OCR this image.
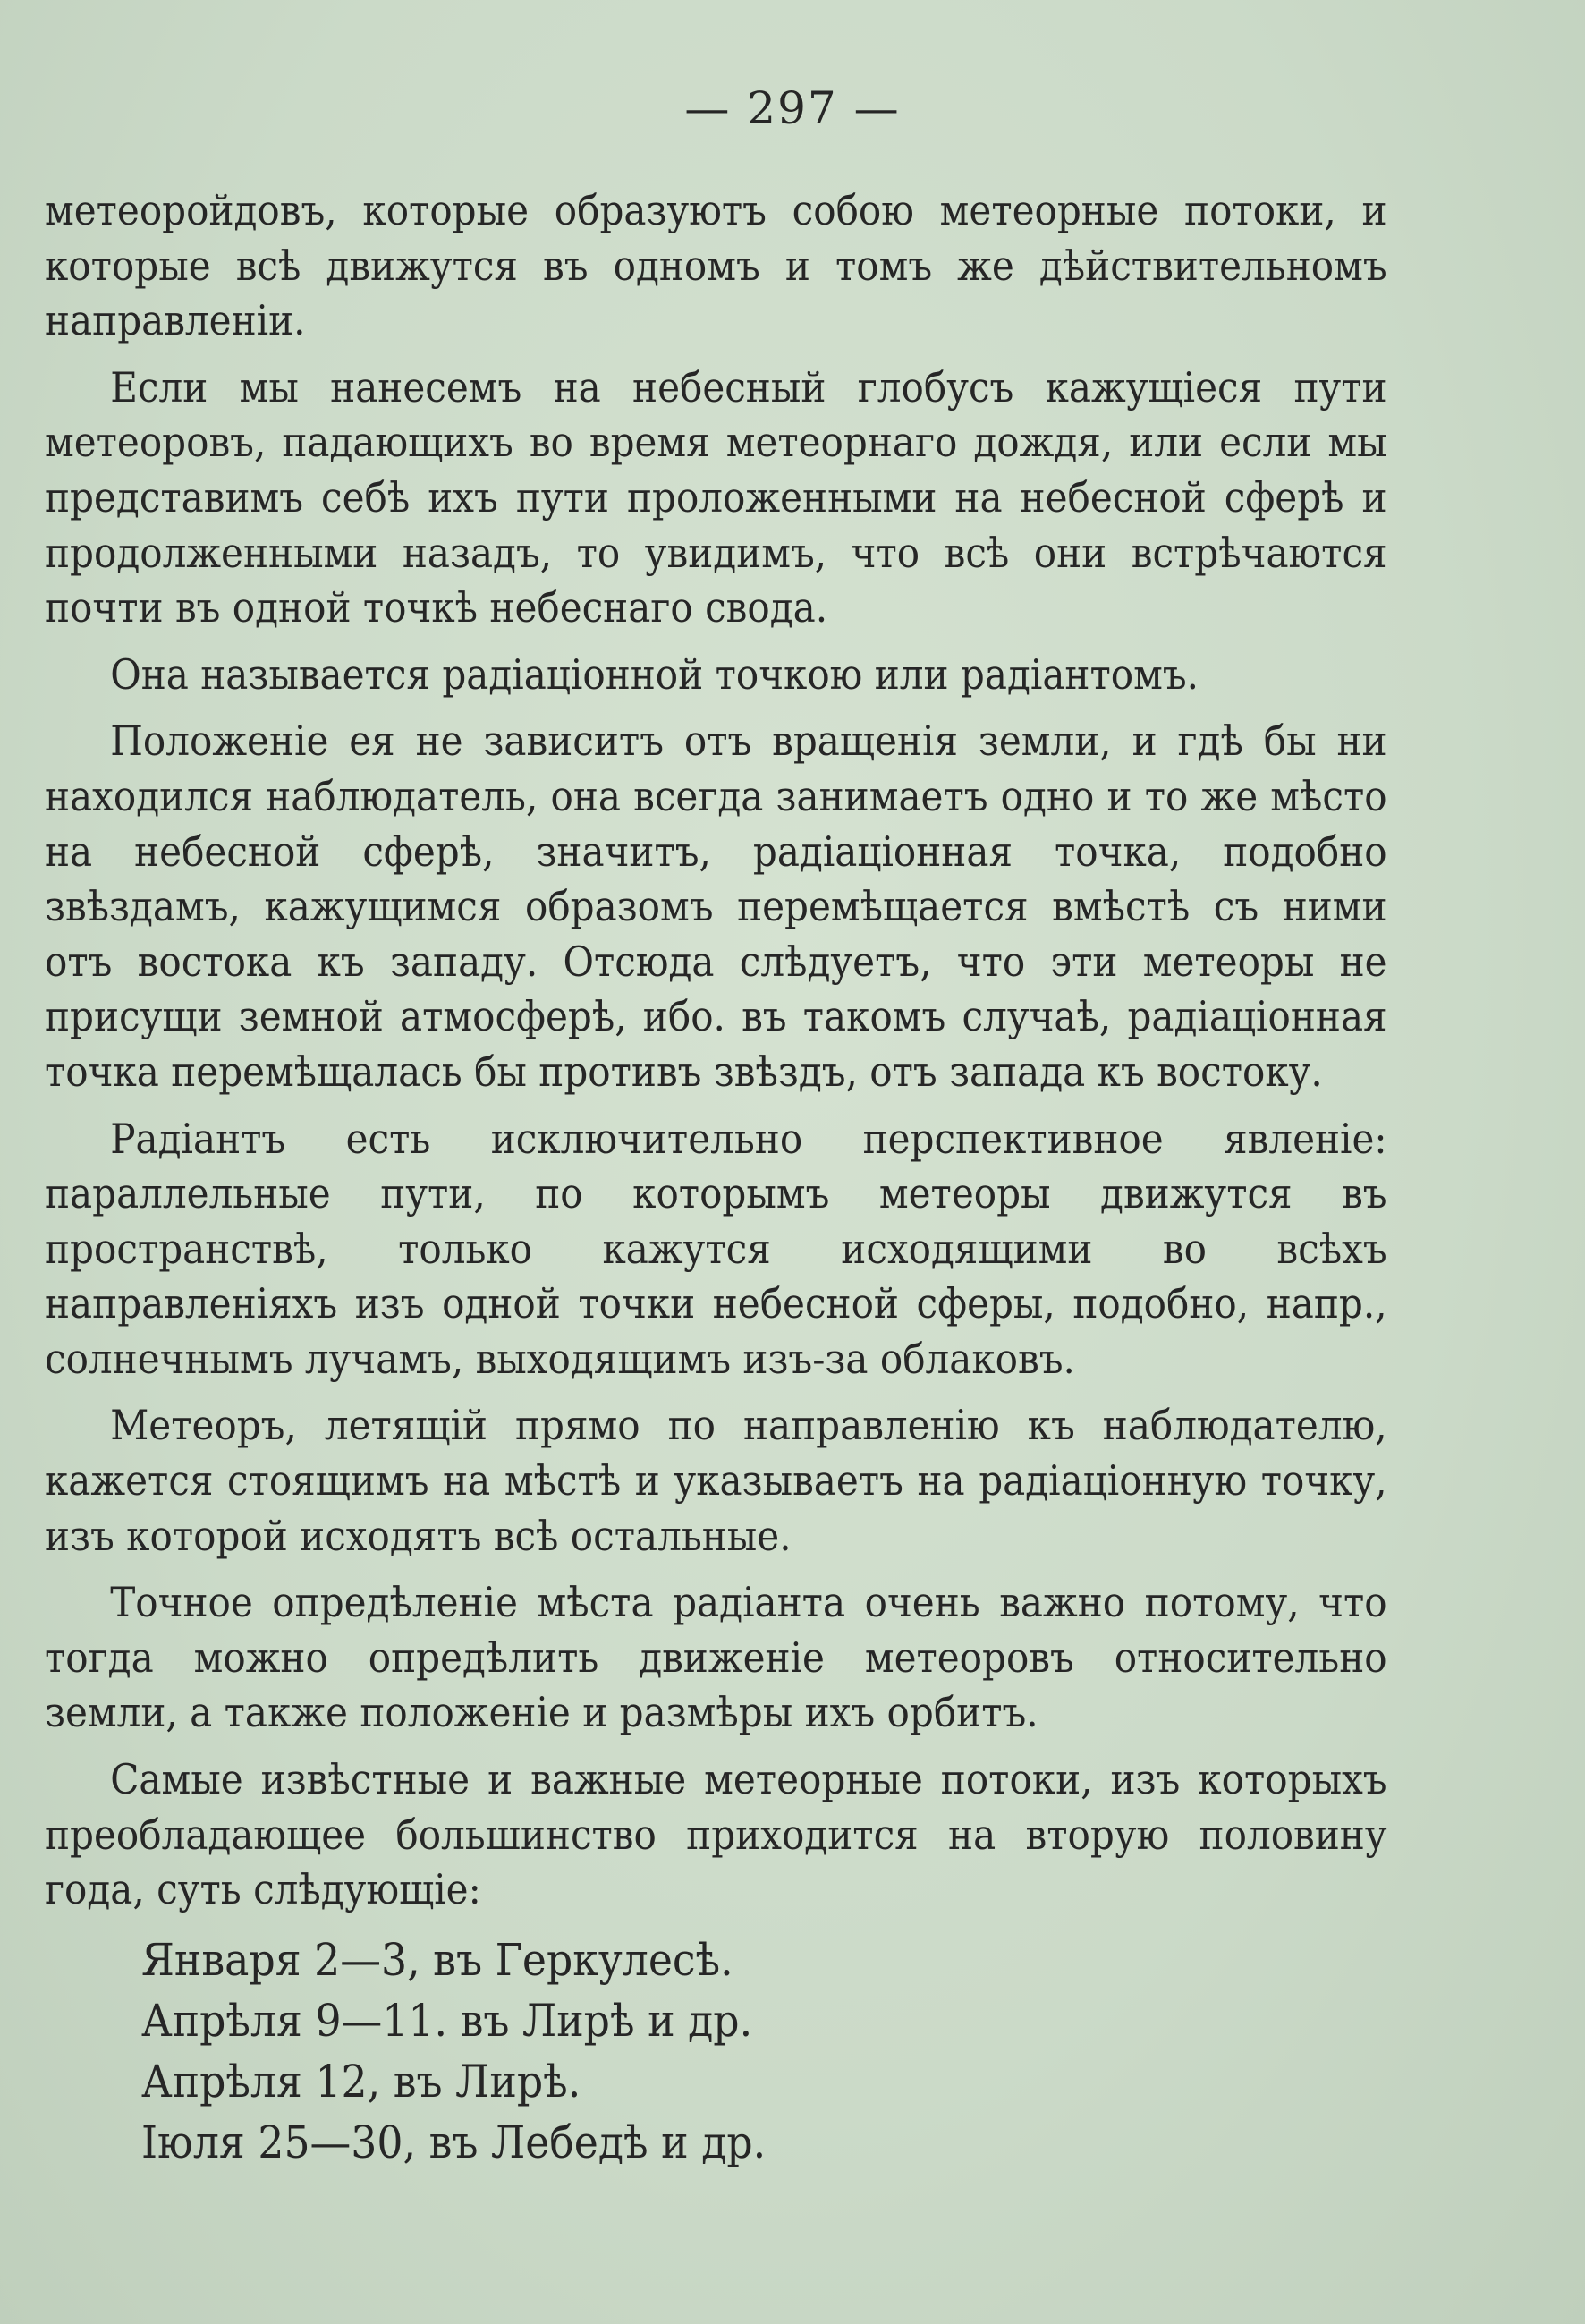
— 297 —

метеоройдовъ, которые образуютъ собою метеорные потоки, и которые всѣ движутся въ одномъ и томъ же дѣйствительномъ направленіи.

Если мы нанесемъ на небесный глобусъ кажущіеся пути метеоровъ, падающихъ во время метеорнаго дождя, или если мы представимъ себѣ ихъ пути проложенными на небесной сферѣ и продолженными назадъ, то увидимъ, что всѣ они встрѣчаются почти въ одной точкѣ небеснаго свода.

Она называется радіаціонной точкою или радіантомъ.

Положеніе ея не зависитъ отъ вращенія земли, и гдѣ бы ни находился наблюдатель, она всегда занимаетъ одно и то же мѣсто на небесной сферѣ, значитъ, радіаціонная точка, подобно звѣздамъ, кажущимся образомъ перемѣщается вмѣстѣ съ ними отъ востока къ западу. Отсюда слѣдуетъ, что эти метеоры не присущи земной атмосферѣ, ибо. въ такомъ случаѣ, радіаціонная точка перемѣщалась бы противъ звѣздъ, отъ запада къ востоку.

Радіантъ есть исключительно перспективное явленіе: параллельные пути, по которымъ метеоры движутся въ пространствѣ, только кажутся исходящими во всѣхъ направленіяхъ изъ одной точки небесной сферы, подобно, напр., солнечнымъ лучамъ, выходящимъ изъ-за облаковъ.

Метеоръ, летящій прямо по направленію къ наблюдателю, кажется стоящимъ на мѣстѣ и указываетъ на радіаціонную точку, изъ которой исходятъ всѣ остальные.

Точное опредѣленіе мѣста радіанта очень важно потому, что тогда можно опредѣлить движеніе метеоровъ относительно земли, а также положеніе и размѣры ихъ орбитъ.

Самые извѣстные и важные метеорные потоки, изъ которыхъ преобладающее большинство приходится на вторую половину года, суть слѣдующіе:

Января 2—3, въ Геркулесѣ.
Апрѣля 9—11. въ Лирѣ и др.
Апрѣля 12, въ Лирѣ.
Іюля 25—30, въ Лебедѣ и др.
